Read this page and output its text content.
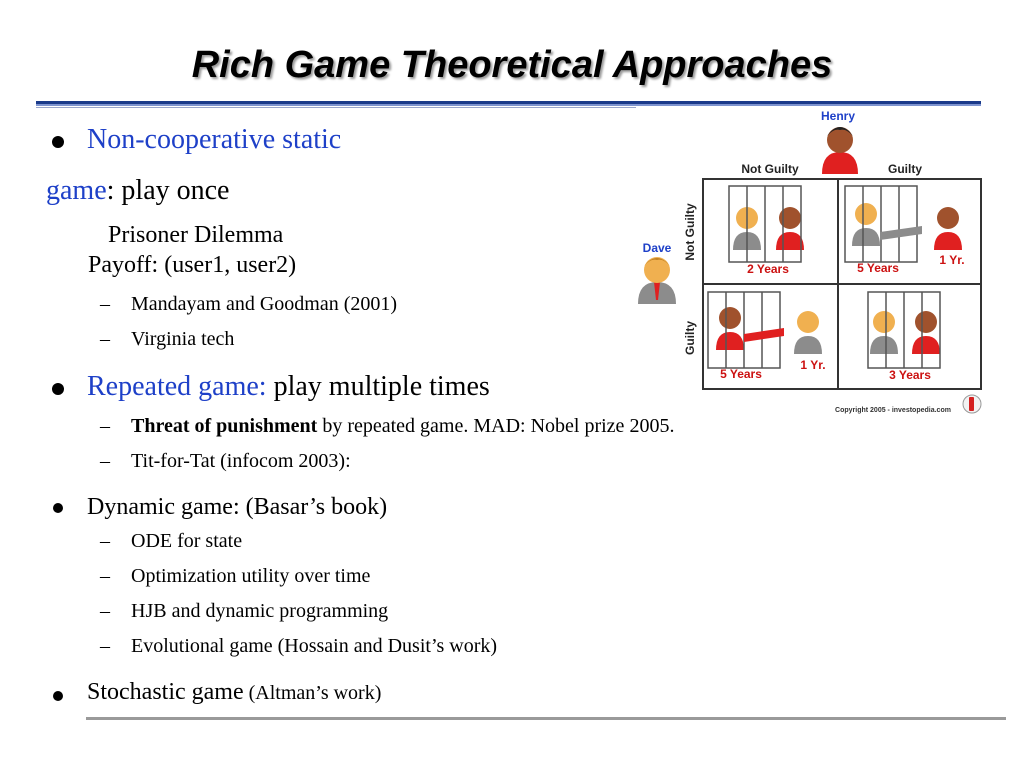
Rich Game Theoretical Approaches
Non-cooperative static
game: play once
Prisoner Dilemma
Payoff: (user1, user2)
– Mandayam and Goodman (2001)
– Virginia tech
Repeated game: play multiple times
– Threat of punishment by repeated game. MAD: Nobel prize 2005.
– Tit-for-Tat (infocom 2003):
Dynamic game: (Basar’s book)
– ODE for state
– Optimization utility over time
– HJB and dynamic programming
– Evolutional game (Hossain and Dusit’s work)
Stochastic game (Altman’s work)
Henry
Not Guilty	Guilty
Not Guilty
Guilty
Dave
2 Years	5 Years
1 Yr.
5 Years
1 Yr.
3 Years
Copyright 2005 - investopedia.com
